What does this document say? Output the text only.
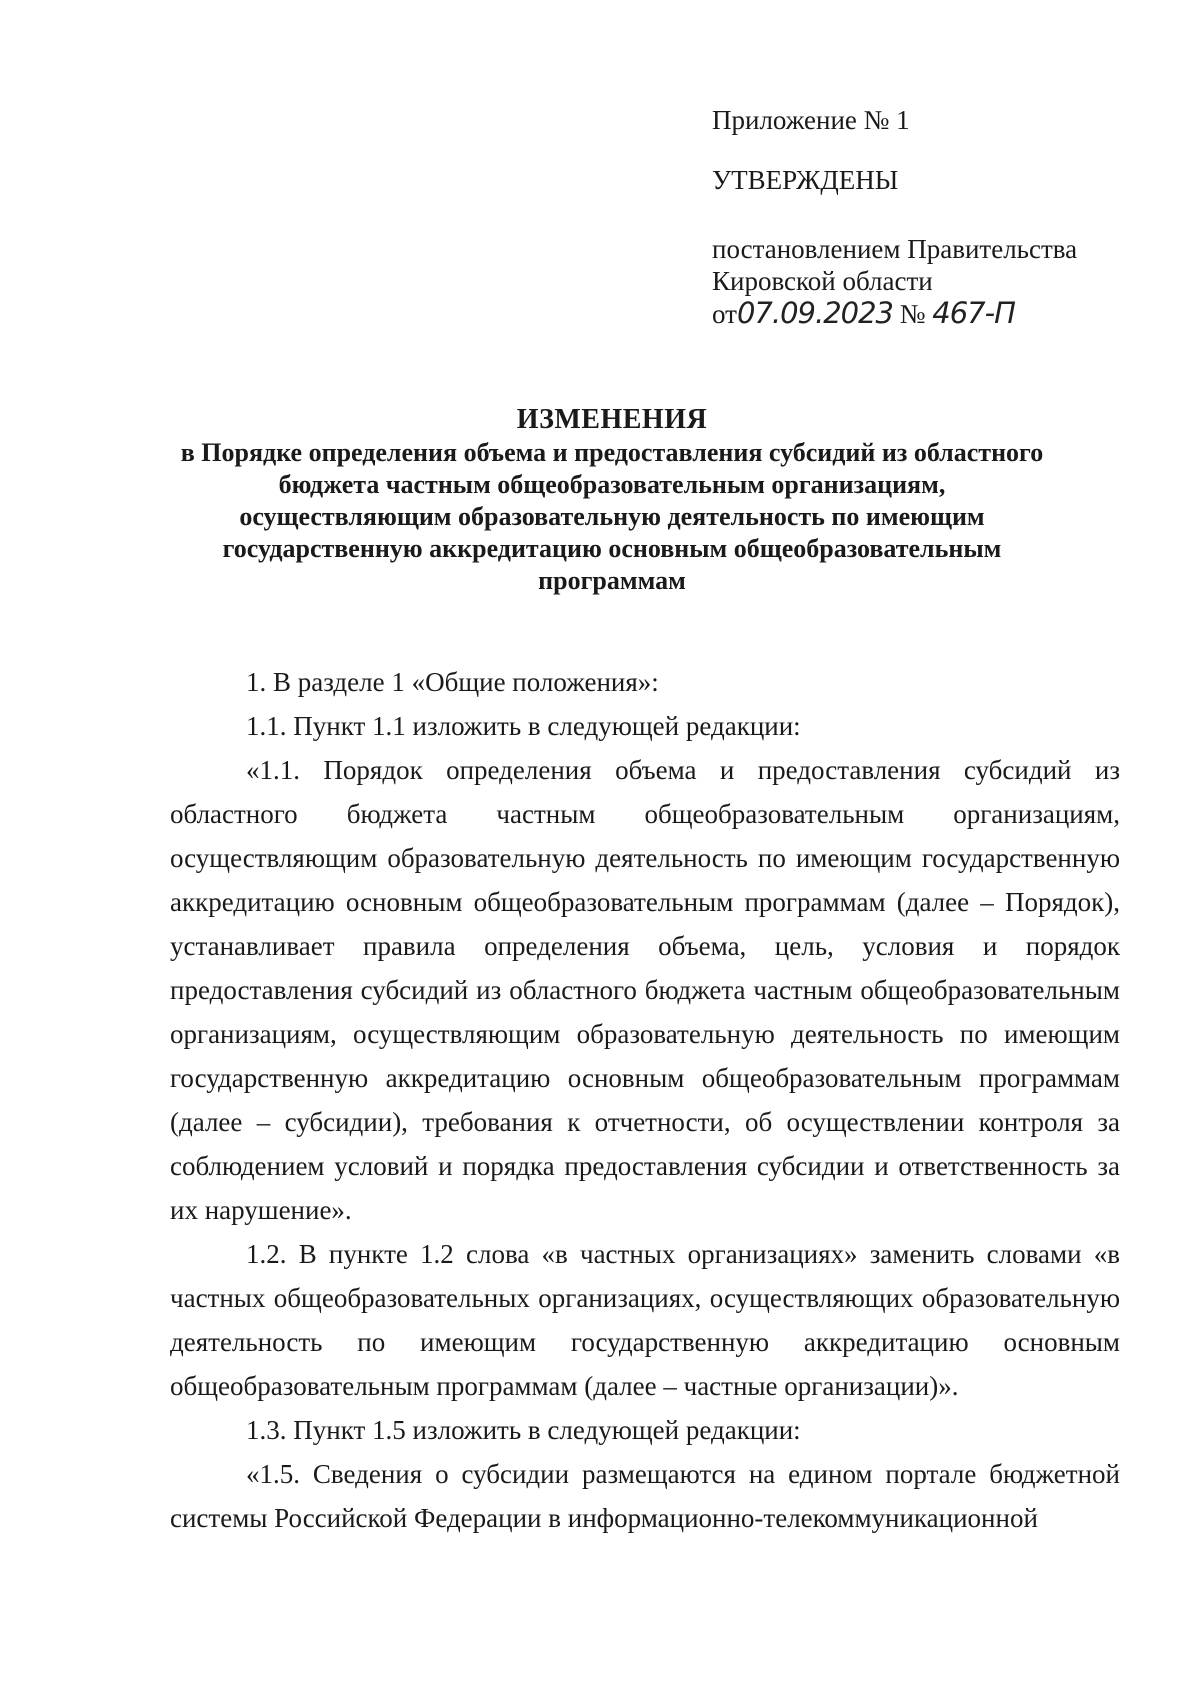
Приложение № 1
УТВЕРЖДЕНЫ
постановлением Правительства
Кировской области
от07.09.2023 № 467-П
ИЗМЕНЕНИЯ
в Порядке определения объема и предоставления субсидий из областного
бюджета частным общеобразовательным организациям,
осуществляющим образовательную деятельность по имеющим
государственную аккредитацию основным общеобразовательным
программам

1. В разделе 1 «Общие положения»:

1.1. Пункт 1.1 изложить в следующей редакции:

«1.1. Порядок определения объема и предоставления субсидий из областного бюджета частным общеобразовательным организациям, осуществляющим образовательную деятельность по имеющим государственную аккредитацию основным общеобразовательным программам (далее – Порядок), устанавливает правила определения объема, цель, условия и порядок предоставления субсидий из областного бюджета частным общеобразовательным организациям, осуществляющим образовательную деятельность по имеющим государственную аккредитацию основным общеобразовательным программам (далее – субсидии), требования к отчетности, об осуществлении контроля за соблюдением условий и порядка предоставления субсидии и ответственность за их нарушение».

1.2. В пункте 1.2 слова «в частных организациях» заменить словами «в частных общеобразовательных организациях, осуществляющих образовательную деятельность по имеющим государственную аккредитацию основным общеобразовательным программам (далее – частные организации)».

1.3. Пункт 1.5 изложить в следующей редакции:

«1.5. Сведения о субсидии размещаются на едином портале бюджетной системы Российской Федерации в информационно-телекоммуникационной
